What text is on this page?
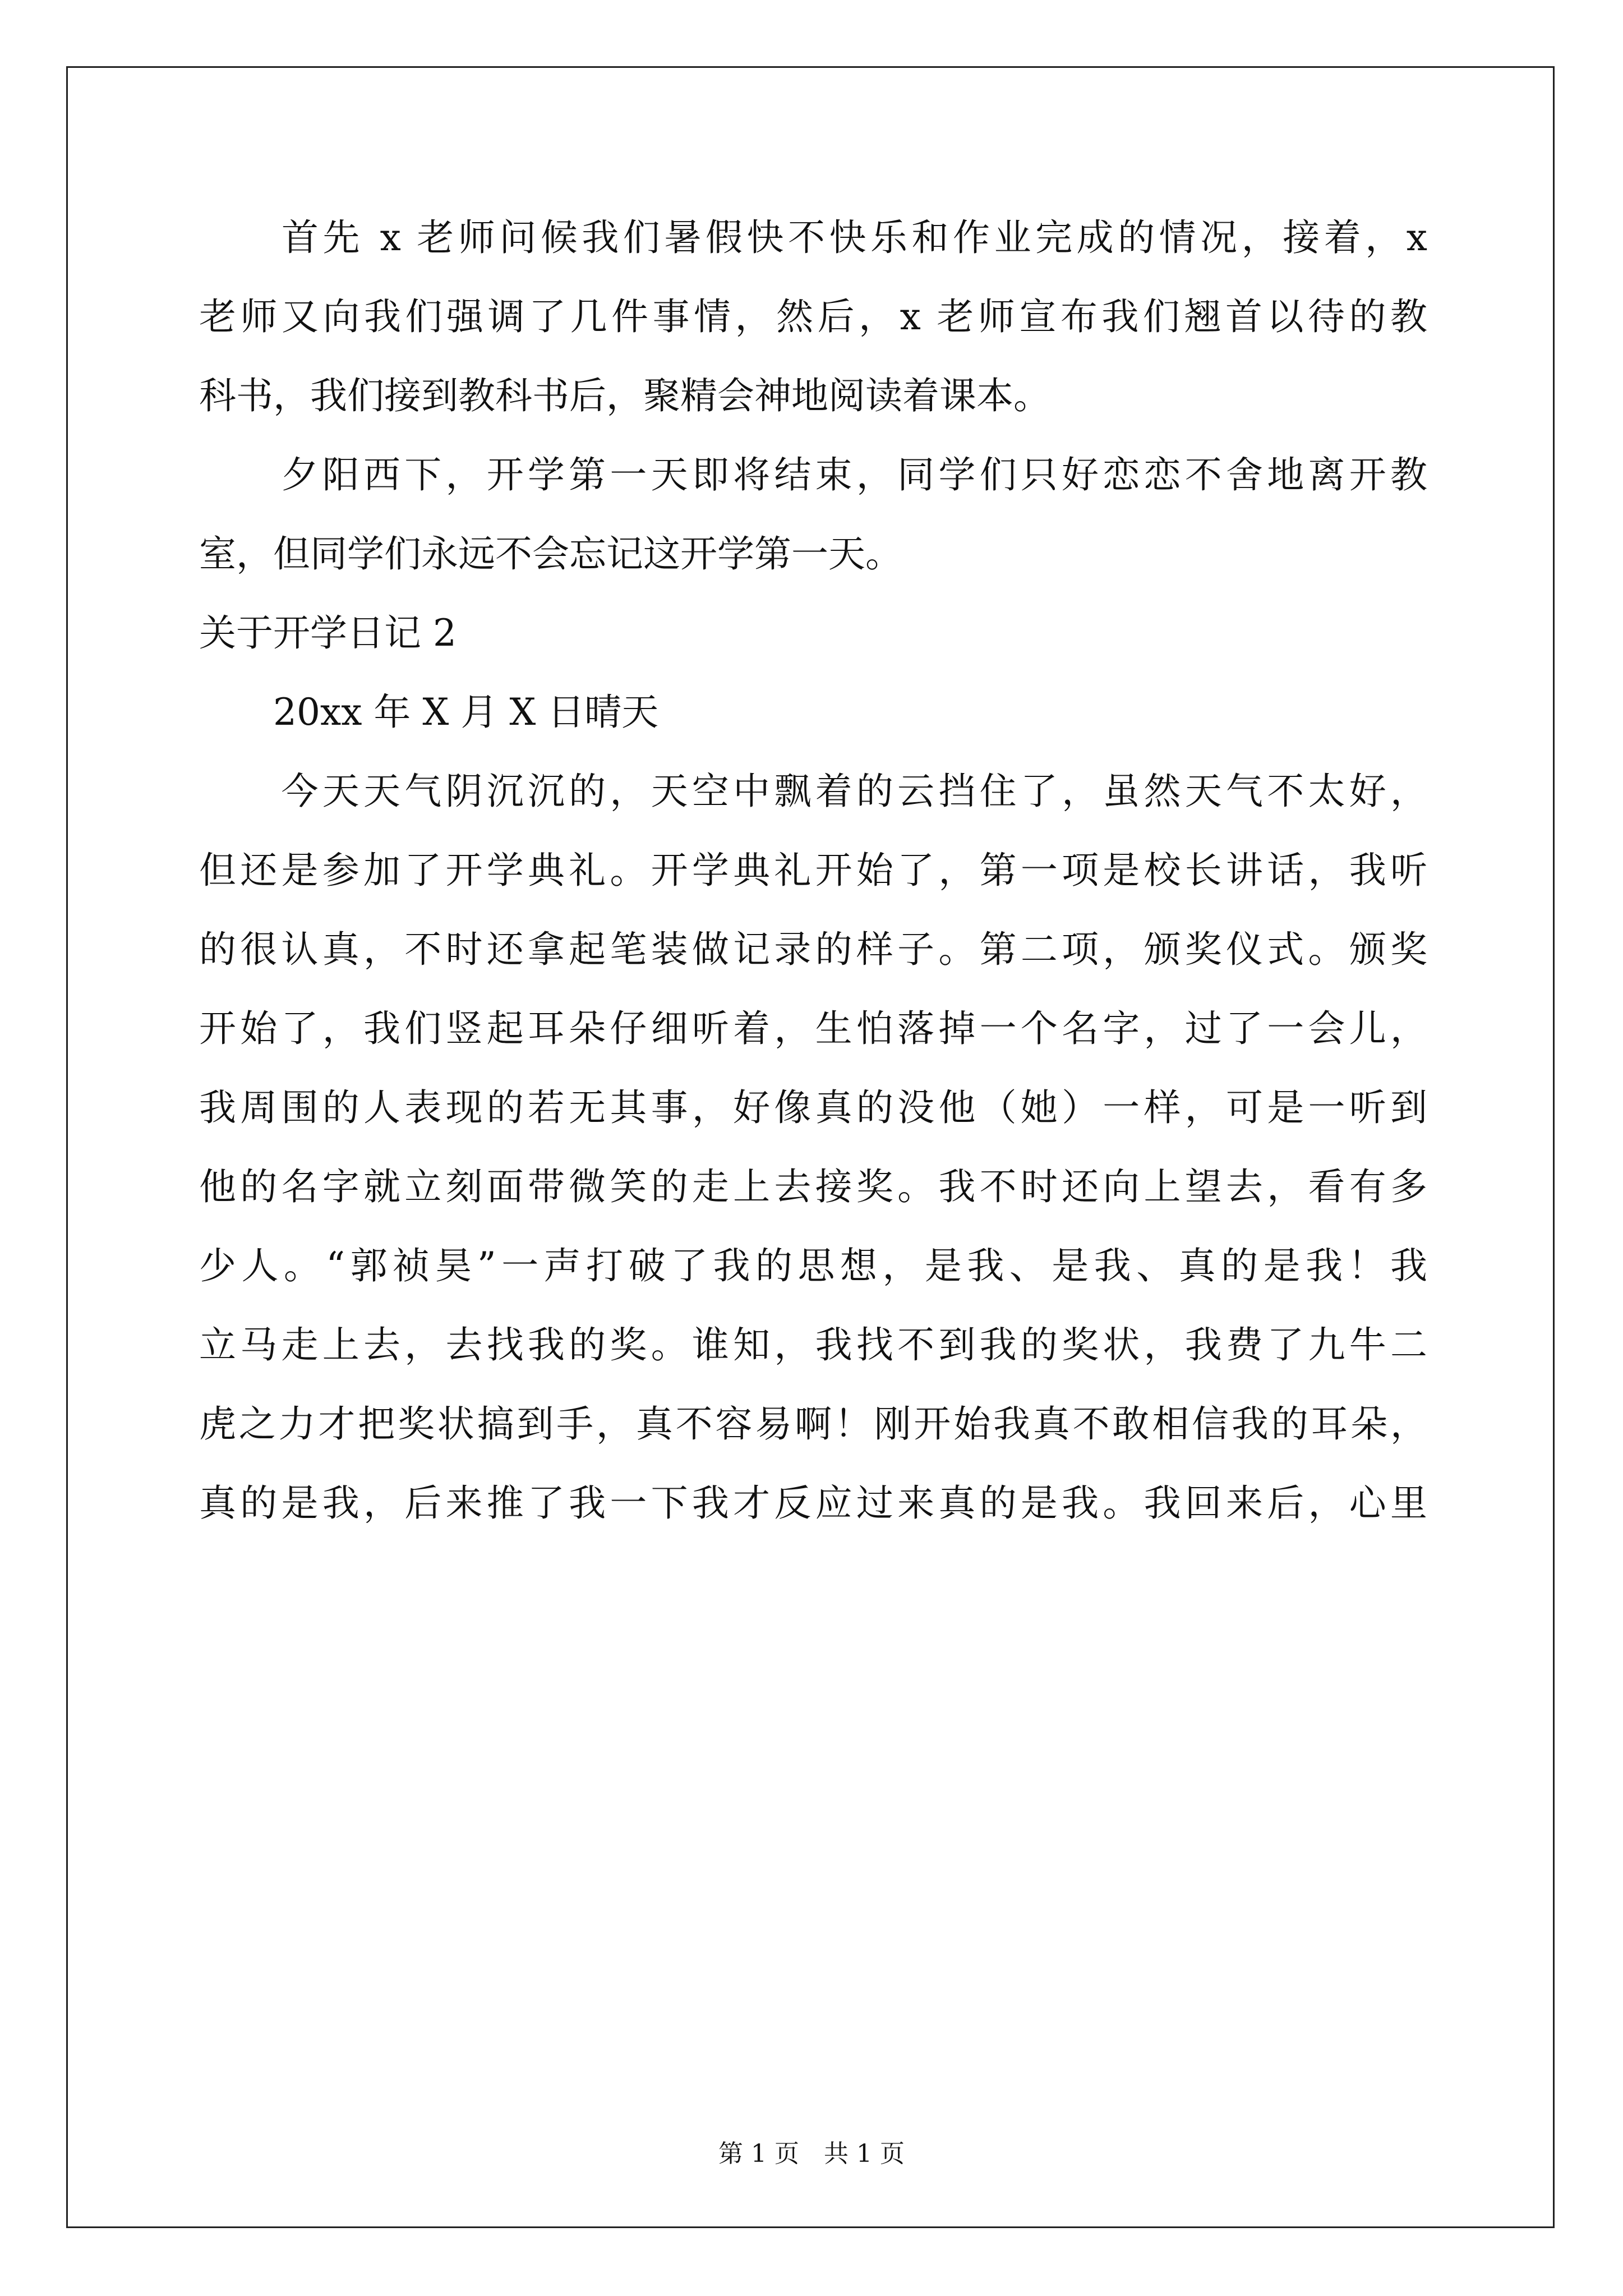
　　首先 x 老师问候我们暑假快不快乐和作业完成的情况，接着，x
老师又向我们强调了几件事情，然后，x 老师宣布我们翘首以待的教
科书，我们接到教科书后，聚精会神地阅读着课本。
　　夕阳西下，开学第一天即将结束，同学们只好恋恋不舍地离开教
室，但同学们永远不会忘记这开学第一天。
关于开学日记 2
　　20xx 年 X 月 X 日晴天
　　今天天气阴沉沉的，天空中飘着的云挡住了，虽然天气不太好，
但还是参加了开学典礼。开学典礼开始了，第一项是校长讲话，我听
的很认真，不时还拿起笔装做记录的样子。第二项，颁奖仪式。颁奖
开始了，我们竖起耳朵仔细听着，生怕落掉一个名字，过了一会儿，
我周围的人表现的若无其事，好像真的没他（她）一样，可是一听到
他的名字就立刻面带微笑的走上去接奖。我不时还向上望去，看有多
少人。“郭祯昊”一声打破了我的思想，是我、是我、真的是我！我
立马走上去，去找我的奖。谁知，我找不到我的奖状，我费了九牛二
虎之力才把奖状搞到手，真不容易啊！刚开始我真不敢相信我的耳朵，
真的是我，后来推了我一下我才反应过来真的是我。我回来后，心里
第 1 页　共 1 页
